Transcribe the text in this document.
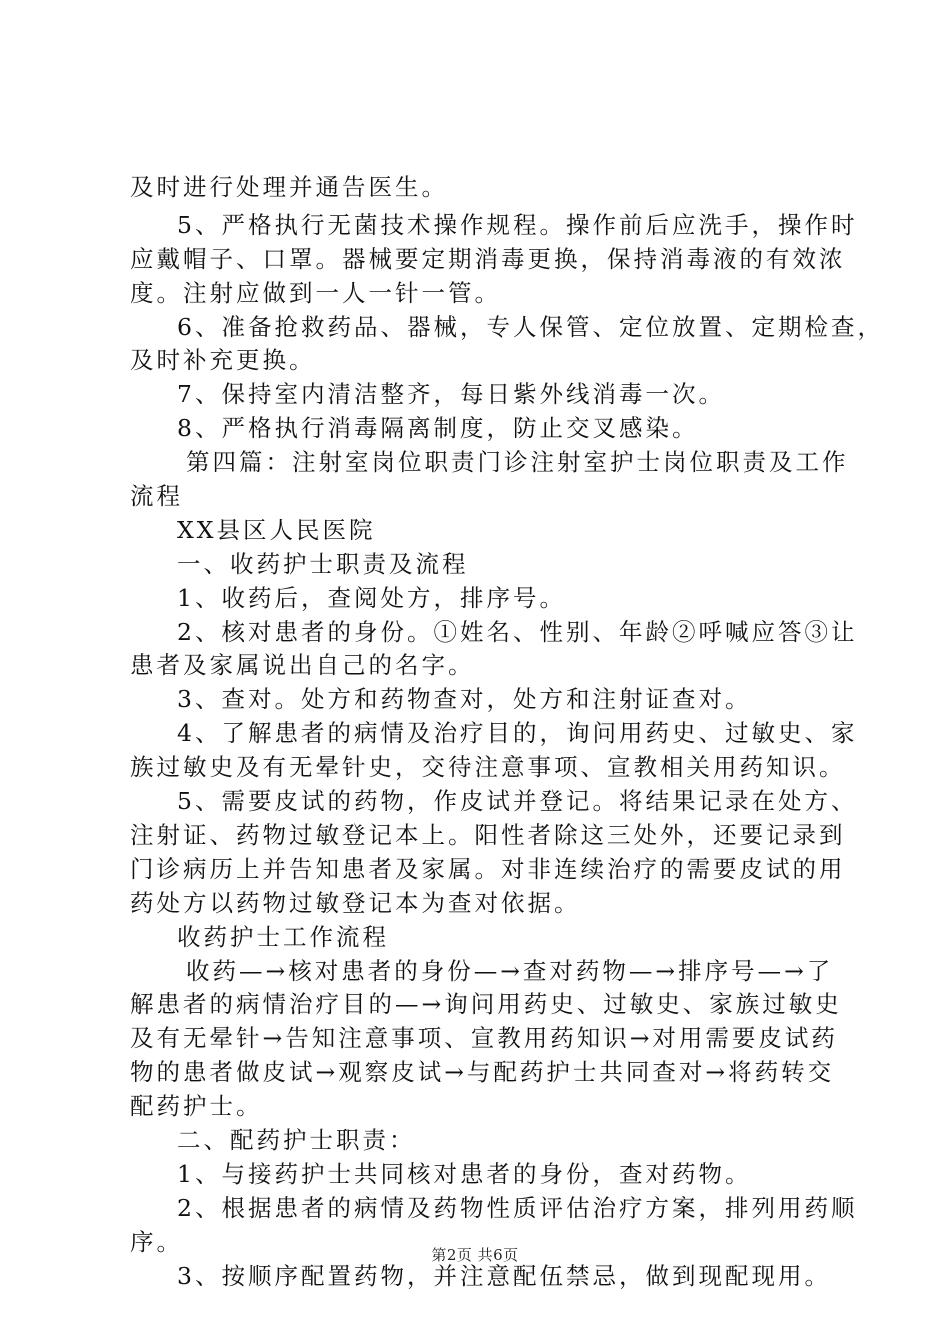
及时进行处理并通告医生。
5、严格执行无菌技术操作规程。操作前后应洗手，操作时
应戴帽子、口罩。器械要定期消毒更换，保持消毒液的有效浓
度。注射应做到一人一针一管。
6、准备抢救药品、器械，专人保管、定位放置、定期检查，
及时补充更换。
7、保持室内清洁整齐，每日紫外线消毒一次。
8、严格执行消毒隔离制度，防止交叉感染。
第四篇：注射室岗位职责门诊注射室护士岗位职责及工作
流程
XX县区人民医院
一、收药护士职责及流程
1、收药后，查阅处方，排序号。
2、核对患者的身份。①姓名、性别、年龄②呼喊应答③让
患者及家属说出自己的名字。
3、查对。处方和药物查对，处方和注射证查对。
4、了解患者的病情及治疗目的，询问用药史、过敏史、家
族过敏史及有无晕针史，交待注意事项、宣教相关用药知识。
5、需要皮试的药物，作皮试并登记。将结果记录在处方、
注射证、药物过敏登记本上。阳性者除这三处外，还要记录到
门诊病历上并告知患者及家属。对非连续治疗的需要皮试的用
药处方以药物过敏登记本为查对依据。
收药护士工作流程
收药—→核对患者的身份—→查对药物—→排序号—→了
解患者的病情治疗目的—→询问用药史、过敏史、家族过敏史
及有无晕针→告知注意事项、宣教用药知识→对用需要皮试药
物的患者做皮试→观察皮试→与配药护士共同查对→将药转交
配药护士。
二、配药护士职责：
1、与接药护士共同核对患者的身份，查对药物。
2、根据患者的病情及药物性质评估治疗方案，排列用药顺
序。
3、按顺序配置药物，并注意配伍禁忌，做到现配现用。
第2页 共6页
